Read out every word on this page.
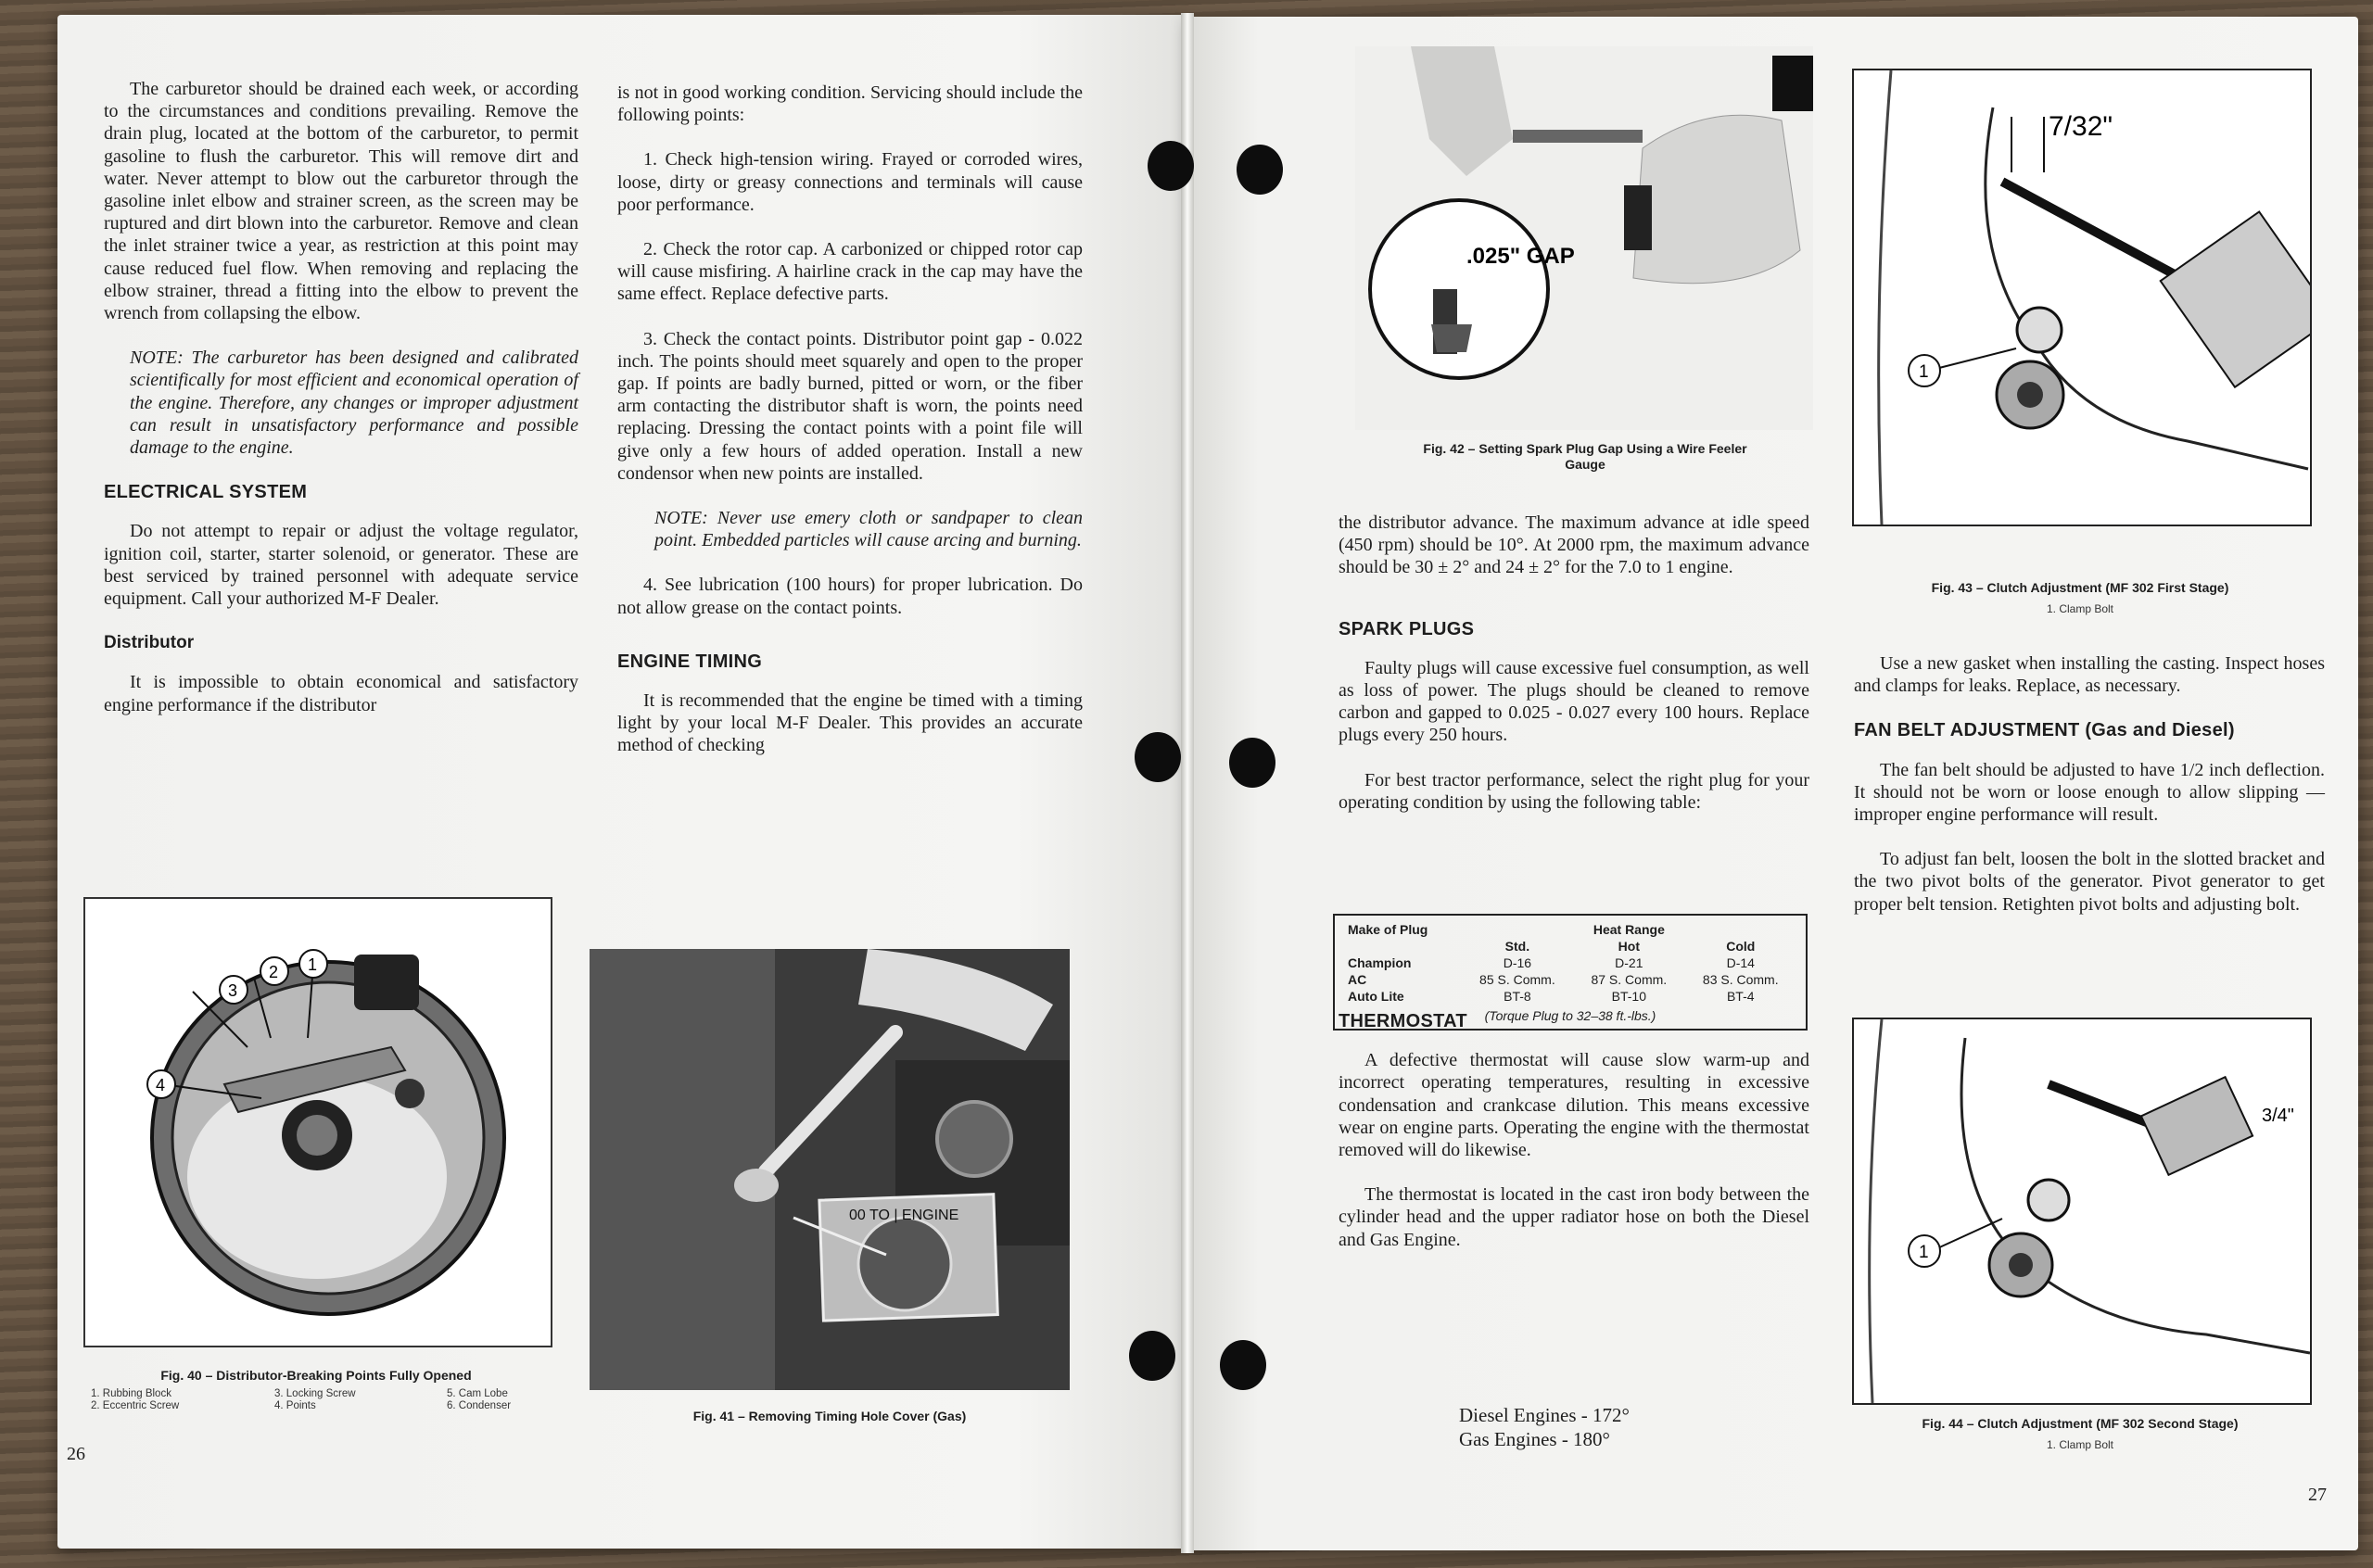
The carburetor should be drained each week, or according to the circumstances and conditions prevailing. Remove the drain plug, located at the bottom of the carburetor, to permit gasoline to flush the carburetor. This will remove dirt and water. Never attempt to blow out the carburetor through the gasoline inlet elbow and strainer screen, as the screen may be ruptured and dirt blown into the carburetor. Remove and clean the inlet strainer twice a year, as restriction at this point may cause reduced fuel flow. When removing and replacing the elbow strainer, thread a fitting into the elbow to prevent the wrench from collapsing the elbow.

NOTE: The carburetor has been designed and calibrated scientifically for most efficient and economical operation of the engine. Therefore, any changes or improper adjustment can result in unsatisfactory performance and possible damage to the engine.

ELECTRICAL SYSTEM

Do not attempt to repair or adjust the voltage regulator, ignition coil, starter, starter solenoid, or generator. These are best serviced by trained personnel with adequate service equipment. Call your authorized M-F Dealer.

Distributor

It is impossible to obtain economical and satisfactory engine performance if the distributor

is not in good working condition. Servicing should include the following points:

1. Check high-tension wiring. Frayed or corroded wires, loose, dirty or greasy connections and terminals will cause poor performance.

2. Check the rotor cap. A carbonized or chipped rotor cap will cause misfiring. A hairline crack in the cap may have the same effect. Replace defective parts.

3. Check the contact points. Distributor point gap - 0.022 inch. The points should meet squarely and open to the proper gap. If points are badly burned, pitted or worn, or the fiber arm contacting the distributor shaft is worn, the points need replacing. Dressing the contact points with a point file will give only a few hours of added operation. Install a new condensor when new points are installed.

NOTE: Never use emery cloth or sandpaper to clean point. Embedded particles will cause arcing and burning.

4. See lubrication (100 hours) for proper lubrication. Do not allow grease on the contact points.

ENGINE TIMING

It is recommended that the engine be timed with a timing light by your local M-F Dealer. This provides an accurate method of checking

1
2
3
4
Fig. 40 – Distributor-Breaking Points Fully Opened
1. Rubbing Block
2. Eccentric Screw
3. Locking Screw
4. Points
5. Cam Lobe
6. Condenser
00 TO | ENGINE
Fig. 41 – Removing Timing Hole Cover (Gas)
26
.025" GAP
Fig. 42 – Setting Spark Plug Gap Using a Wire Feeler Gauge

the distributor advance. The maximum advance at idle speed (450 rpm) should be 10°. At 2000 rpm, the maximum advance should be 30 ± 2° and 24 ± 2° for the 7.0 to 1 engine.

SPARK PLUGS

Faulty plugs will cause excessive fuel consumption, as well as loss of power. The plugs should be cleaned to remove carbon and gapped to 0.025 - 0.027 every 100 hours. Replace plugs every 250 hours.

For best tractor performance, select the right plug for your operating condition by using the following table:

THERMOSTAT

A defective thermostat will cause slow warm-up and incorrect operating temperatures, resulting in excessive condensation and crankcase dilution. This means excessive wear on engine parts. Operating the engine with the thermostat removed will do likewise.

The thermostat is located in the cast iron body between the cylinder head and the upper radiator hose on both the Diesel and Gas Engine.

Make of Plug	Heat Range		
	Std.	Hot	Cold
Champion	D-16	D-21	D-14
AC	85 S. Comm.	87 S. Comm.	83 S. Comm.
Auto Lite	BT-8	BT-10	BT-4
(Torque Plug to 32–38 ft.-lbs.)
Diesel Engines - 172°
Gas Engines - 180°
7/32"
1
Fig. 43 – Clutch Adjustment (MF 302 First Stage)
1. Clamp Bolt

Use a new gasket when installing the casting. Inspect hoses and clamps for leaks. Replace, as necessary.

FAN BELT ADJUSTMENT (Gas and Diesel)

The fan belt should be adjusted to have 1/2 inch deflection. It should not be worn or loose enough to allow slipping — improper engine performance will result.

To adjust fan belt, loosen the bolt in the slotted bracket and the two pivot bolts of the generator. Pivot generator to get proper belt tension. Retighten pivot bolts and adjusting bolt.

3/4"
1
Fig. 44 – Clutch Adjustment (MF 302 Second Stage)
1. Clamp Bolt
27
